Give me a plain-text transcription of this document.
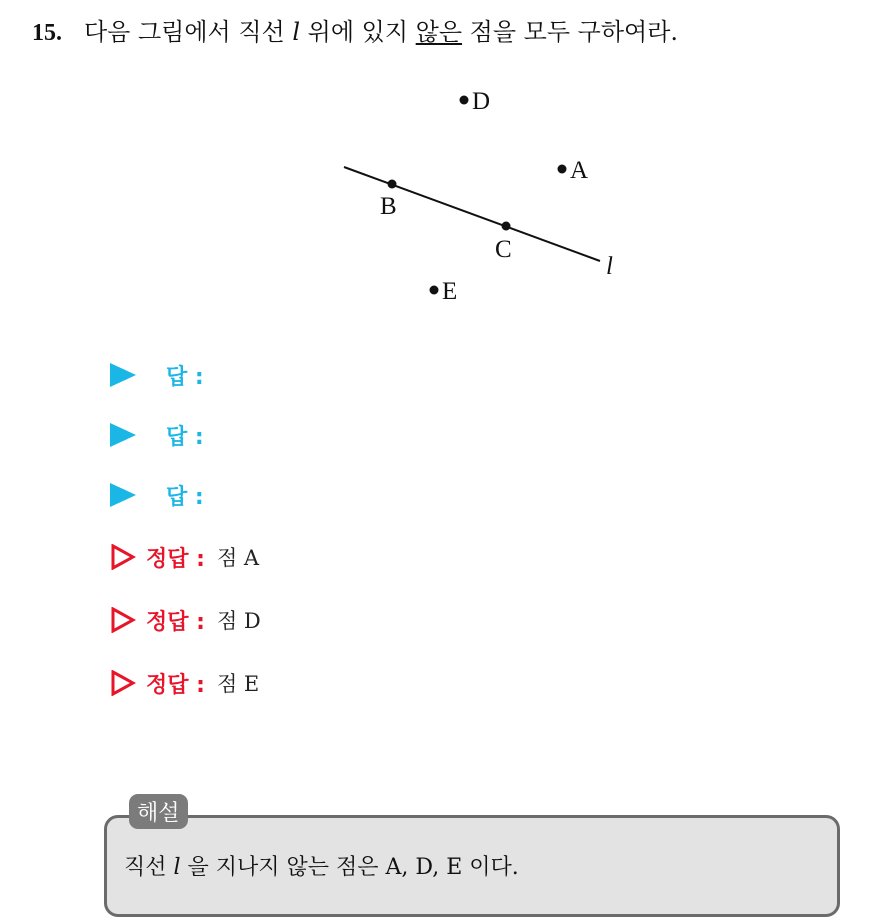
15. 다음 그림에서 직선 l 위에 있지 않은 점을 모두 구하여라.
D
A
B
C
E
l
답 :
답 :
답 :
정답 : 점 A
정답 : 점 D
정답 : 점 E
해설
직선 l 을 지나지 않는 점은 A, D, E 이다.
